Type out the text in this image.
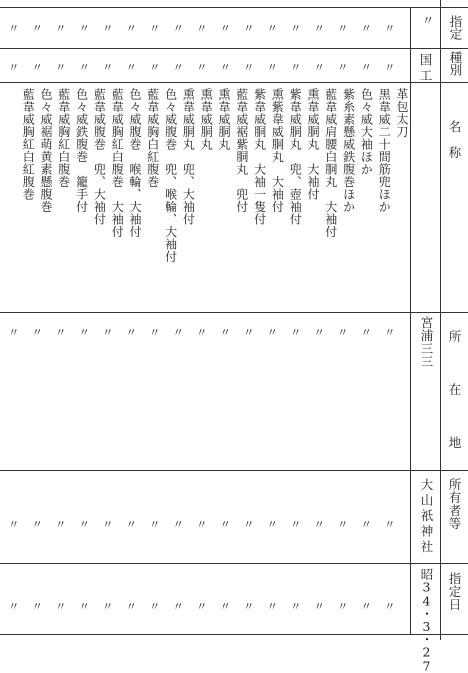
指定
種別
名　称
所　在　地
所有者等
指定日
〃
国　工
宮浦三三
大山祇神社
昭34・3・27
革包太刀
黒韋威二十間筋兜ほか
色々威大袖ほか
紫糸素懸威鉄腹巻ほか
藍韋威肩腰白胴丸　大袖付
熏韋威胴丸　大袖付
紫韋威胴丸　兜、壺袖付
熏紫韋威胴丸　大袖付
紫韋威胴丸　大袖一隻付
藍韋威裾紫胴丸　兜付
熏韋威胴丸
熏韋威胴丸
熏韋威胴丸　兜、大袖付
色々威腹巻　兜、喉輪、大袖付
藍韋威胸白紅腹巻
色々威腹巻　喉輪、大袖付
藍韋威胸紅白腹巻　大袖付
藍韋威腹巻　兜、大袖付
色々威鉄腹巻　籠手付
藍韋威胸紅白腹巻
色々威裾萌黄素懸腹巻
藍韋威胸紅白紅腹巻
〃 〃 〃 〃 〃 〃 〃 〃 〃 〃 〃 〃 〃 〃 〃 〃 〃
〃 〃 〃 〃 〃 〃 〃 〃 〃 〃 〃 〃 〃 〃 〃 〃 〃
〃 〃 〃 〃 〃 〃 〃 〃 〃 〃 〃 〃 〃 〃 〃 〃 〃
〃 〃 〃 〃 〃 〃 〃 〃 〃 〃 〃 〃 〃 〃 〃 〃 〃
〃 〃 〃 〃 〃 〃 〃 〃 〃 〃 〃 〃 〃 〃 〃 〃 〃
